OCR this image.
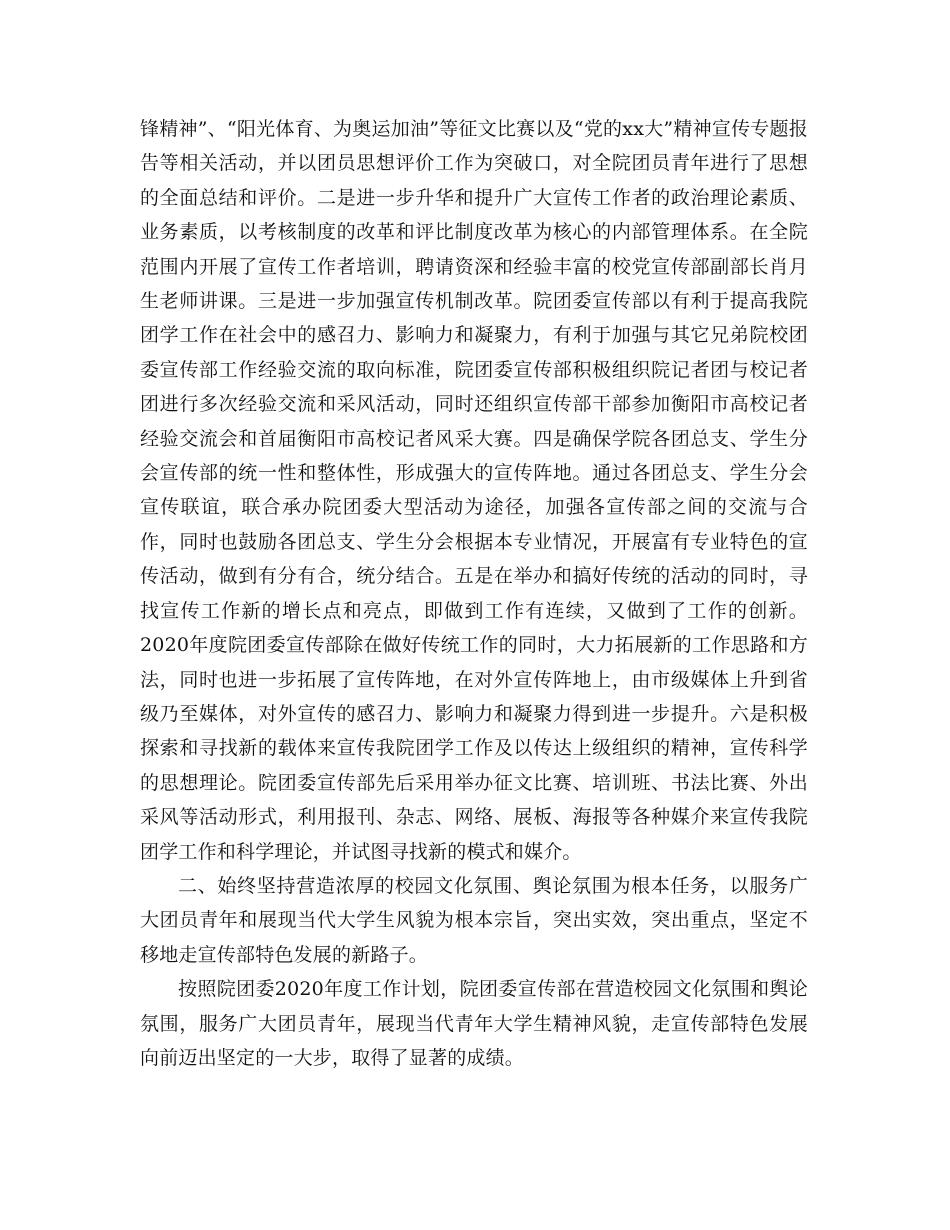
锋精神”、“阳光体育、为奥运加油”等征文比赛以及“党的xx大”精神宣传专题报告等相关活动，并以团员思想评价工作为突破口，对全院团员青年进行了思想的全面总结和评价。二是进一步升华和提升广大宣传工作者的政治理论素质、业务素质，以考核制度的改革和评比制度改革为核心的内部管理体系。在全院范围内开展了宣传工作者培训，聘请资深和经验丰富的校党宣传部副部长肖月生老师讲课。三是进一步加强宣传机制改革。院团委宣传部以有利于提高我院团学工作在社会中的感召力、影响力和凝聚力，有利于加强与其它兄弟院校团委宣传部工作经验交流的取向标准，院团委宣传部积极组织院记者团与校记者团进行多次经验交流和采风活动，同时还组织宣传部干部参加衡阳市高校记者经验交流会和首届衡阳市高校记者风采大赛。四是确保学院各团总支、学生分会宣传部的统一性和整体性，形成强大的宣传阵地。通过各团总支、学生分会宣传联谊，联合承办院团委大型活动为途径，加强各宣传部之间的交流与合作，同时也鼓励各团总支、学生分会根据本专业情况，开展富有专业特色的宣传活动，做到有分有合，统分结合。五是在举办和搞好传统的活动的同时，寻找宣传工作新的增长点和亮点，即做到工作有连续，又做到了工作的创新。2020年度院团委宣传部除在做好传统工作的同时，大力拓展新的工作思路和方法，同时也进一步拓展了宣传阵地，在对外宣传阵地上，由市级媒体上升到省级乃至媒体，对外宣传的感召力、影响力和凝聚力得到进一步提升。六是积极探索和寻找新的载体来宣传我院团学工作及以传达上级组织的精神，宣传科学的思想理论。院团委宣传部先后采用举办征文比赛、培训班、书法比赛、外出采风等活动形式，利用报刊、杂志、网络、展板、海报等各种媒介来宣传我院团学工作和科学理论，并试图寻找新的模式和媒介。

二、始终坚持营造浓厚的校园文化氛围、舆论氛围为根本任务，以服务广大团员青年和展现当代大学生风貌为根本宗旨，突出实效，突出重点，坚定不移地走宣传部特色发展的新路子。

按照院团委2020年度工作计划，院团委宣传部在营造校园文化氛围和舆论氛围，服务广大团员青年，展现当代青年大学生精神风貌，走宣传部特色发展向前迈出坚定的一大步，取得了显著的成绩。
